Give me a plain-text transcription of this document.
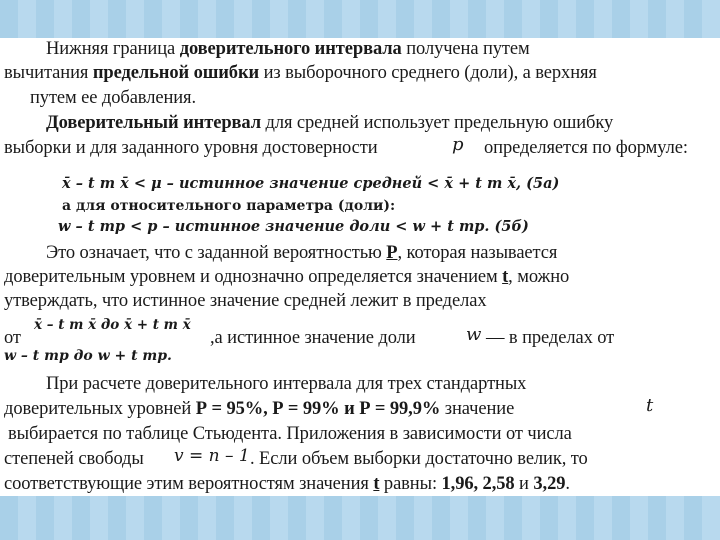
Нижняя граница доверительного интервала получена путем
вычитания предельной ошибки из выборочного среднего (доли), а верхняя
путем ее добавления.
Доверительный интервал для средней использует предельную ошибку
выборки и для заданного уровня достоверности	p определяется по формуле:
x̄ – t m x̄ < μ – истинное значение средней < x̄ + t m x̄, (5а)
а для относительного параметра (доли):
w – t mp < p – истинное значение доли < w + t mp. (5б)
Это означает, что с заданной вероятностью P, которая называется
доверительным уровнем и однозначно определяется значением t, можно
утверждать, что истинное значение средней лежит в пределах
от
x̄ – t m x̄ до x̄ + t m x̄
,а истинное значение доли	w — в пределах от
w – t mp до w + t mp.
При расчете доверительного интервала для трех стандартных
доверительных уровней Р = 95%, Р = 99% и Р = 99,9% значение	t
выбирается по таблице Стьюдента. Приложения в зависимости от числа
степеней свободы v = n – 1 . Если объем выборки достаточно велик, то
соответствующие этим вероятностям значения t равны: 1,96, 2,58 и 3,29.
